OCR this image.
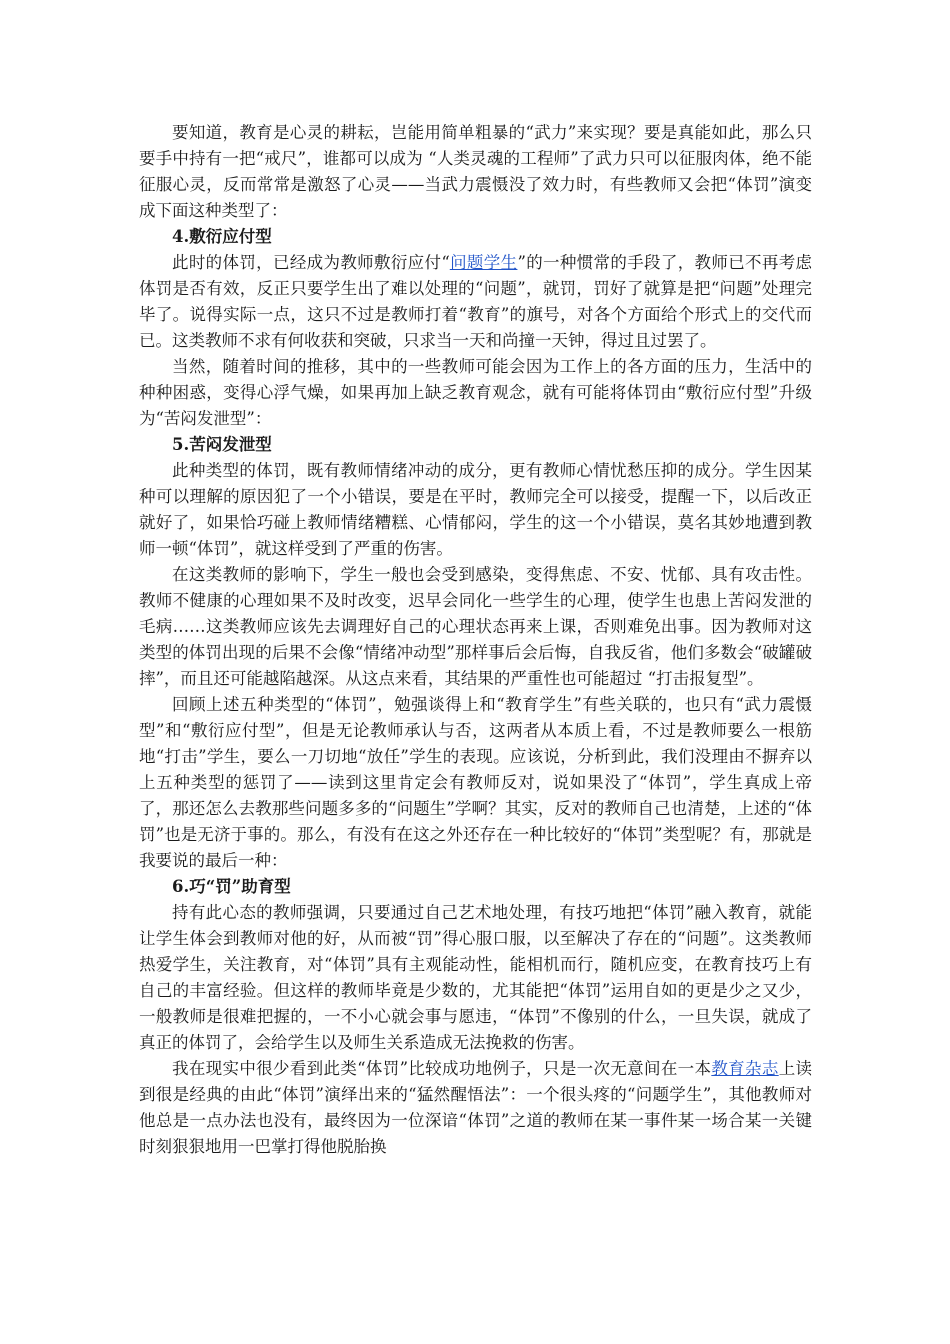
要知道，教育是心灵的耕耘，岂能用简单粗暴的“武力”来实现？要是真能如此，那么只要手中持有一把“戒尺”，谁都可以成为 “人类灵魂的工程师”了武力只可以征服肉体，绝不能征服心灵，反而常常是激怒了心灵——当武力震慑没了效力时，有些教师又会把“体罚”演变成下面这种类型了：

4.敷衍应付型

此时的体罚，已经成为教师敷衍应付“问题学生”的一种惯常的手段了，教师已不再考虑体罚是否有效，反正只要学生出了难以处理的“问题”，就罚，罚好了就算是把“问题”处理完毕了。说得实际一点，这只不过是教师打着“教育”的旗号，对各个方面给个形式上的交代而已。这类教师不求有何收获和突破，只求当一天和尚撞一天钟，得过且过罢了。

当然，随着时间的推移，其中的一些教师可能会因为工作上的各方面的压力，生活中的种种困惑，变得心浮气燥，如果再加上缺乏教育观念，就有可能将体罚由“敷衍应付型”升级为“苦闷发泄型”：

5.苦闷发泄型

此种类型的体罚，既有教师情绪冲动的成分，更有教师心情忧愁压抑的成分。学生因某种可以理解的原因犯了一个小错误，要是在平时，教师完全可以接受，提醒一下，以后改正就好了，如果恰巧碰上教师情绪糟糕、心情郁闷，学生的这一个小错误，莫名其妙地遭到教师一顿“体罚”，就这样受到了严重的伤害。

在这类教师的影响下，学生一般也会受到感染，变得焦虑、不安、忧郁、具有攻击性。教师不健康的心理如果不及时改变，迟早会同化一些学生的心理，使学生也患上苦闷发泄的毛病……这类教师应该先去调理好自己的心理状态再来上课，否则难免出事。因为教师对这类型的体罚出现的后果不会像“情绪冲动型”那样事后会后悔，自我反省，他们多数会“破罐破摔”，而且还可能越陷越深。从这点来看，其结果的严重性也可能超过 “打击报复型”。

回顾上述五种类型的“体罚”，勉强谈得上和“教育学生”有些关联的，也只有“武力震慑型”和“敷衍应付型”，但是无论教师承认与否，这两者从本质上看，不过是教师要么一根筋地“打击”学生，要么一刀切地“放任”学生的表现。应该说，分析到此，我们没理由不摒弃以上五种类型的惩罚了——读到这里肯定会有教师反对，说如果没了“体罚”，学生真成上帝了，那还怎么去教那些问题多多的“问题生”学啊？其实，反对的教师自己也清楚，上述的“体罚”也是无济于事的。那么，有没有在这之外还存在一种比较好的“体罚”类型呢？有，那就是我要说的最后一种：

6.巧“罚”助育型

持有此心态的教师强调，只要通过自己艺术地处理，有技巧地把“体罚”融入教育，就能让学生体会到教师对他的好，从而被“罚”得心服口服，以至解决了存在的“问题”。这类教师热爱学生，关注教育，对“体罚”具有主观能动性，能相机而行，随机应变，在教育技巧上有自己的丰富经验。但这样的教师毕竟是少数的，尤其能把“体罚”运用自如的更是少之又少，一般教师是很难把握的，一不小心就会事与愿违，“体罚”不像别的什么，一旦失误，就成了真正的体罚了，会给学生以及师生关系造成无法挽救的伤害。

我在现实中很少看到此类“体罚”比较成功地例子，只是一次无意间在一本教育杂志上读到很是经典的由此“体罚”演绎出来的“猛然醒悟法”：一个很头疼的“问题学生”，其他教师对他总是一点办法也没有，最终因为一位深谙“体罚”之道的教师在某一事件某一场合某一关键时刻狠狠地用一巴掌打得他脱胎换
